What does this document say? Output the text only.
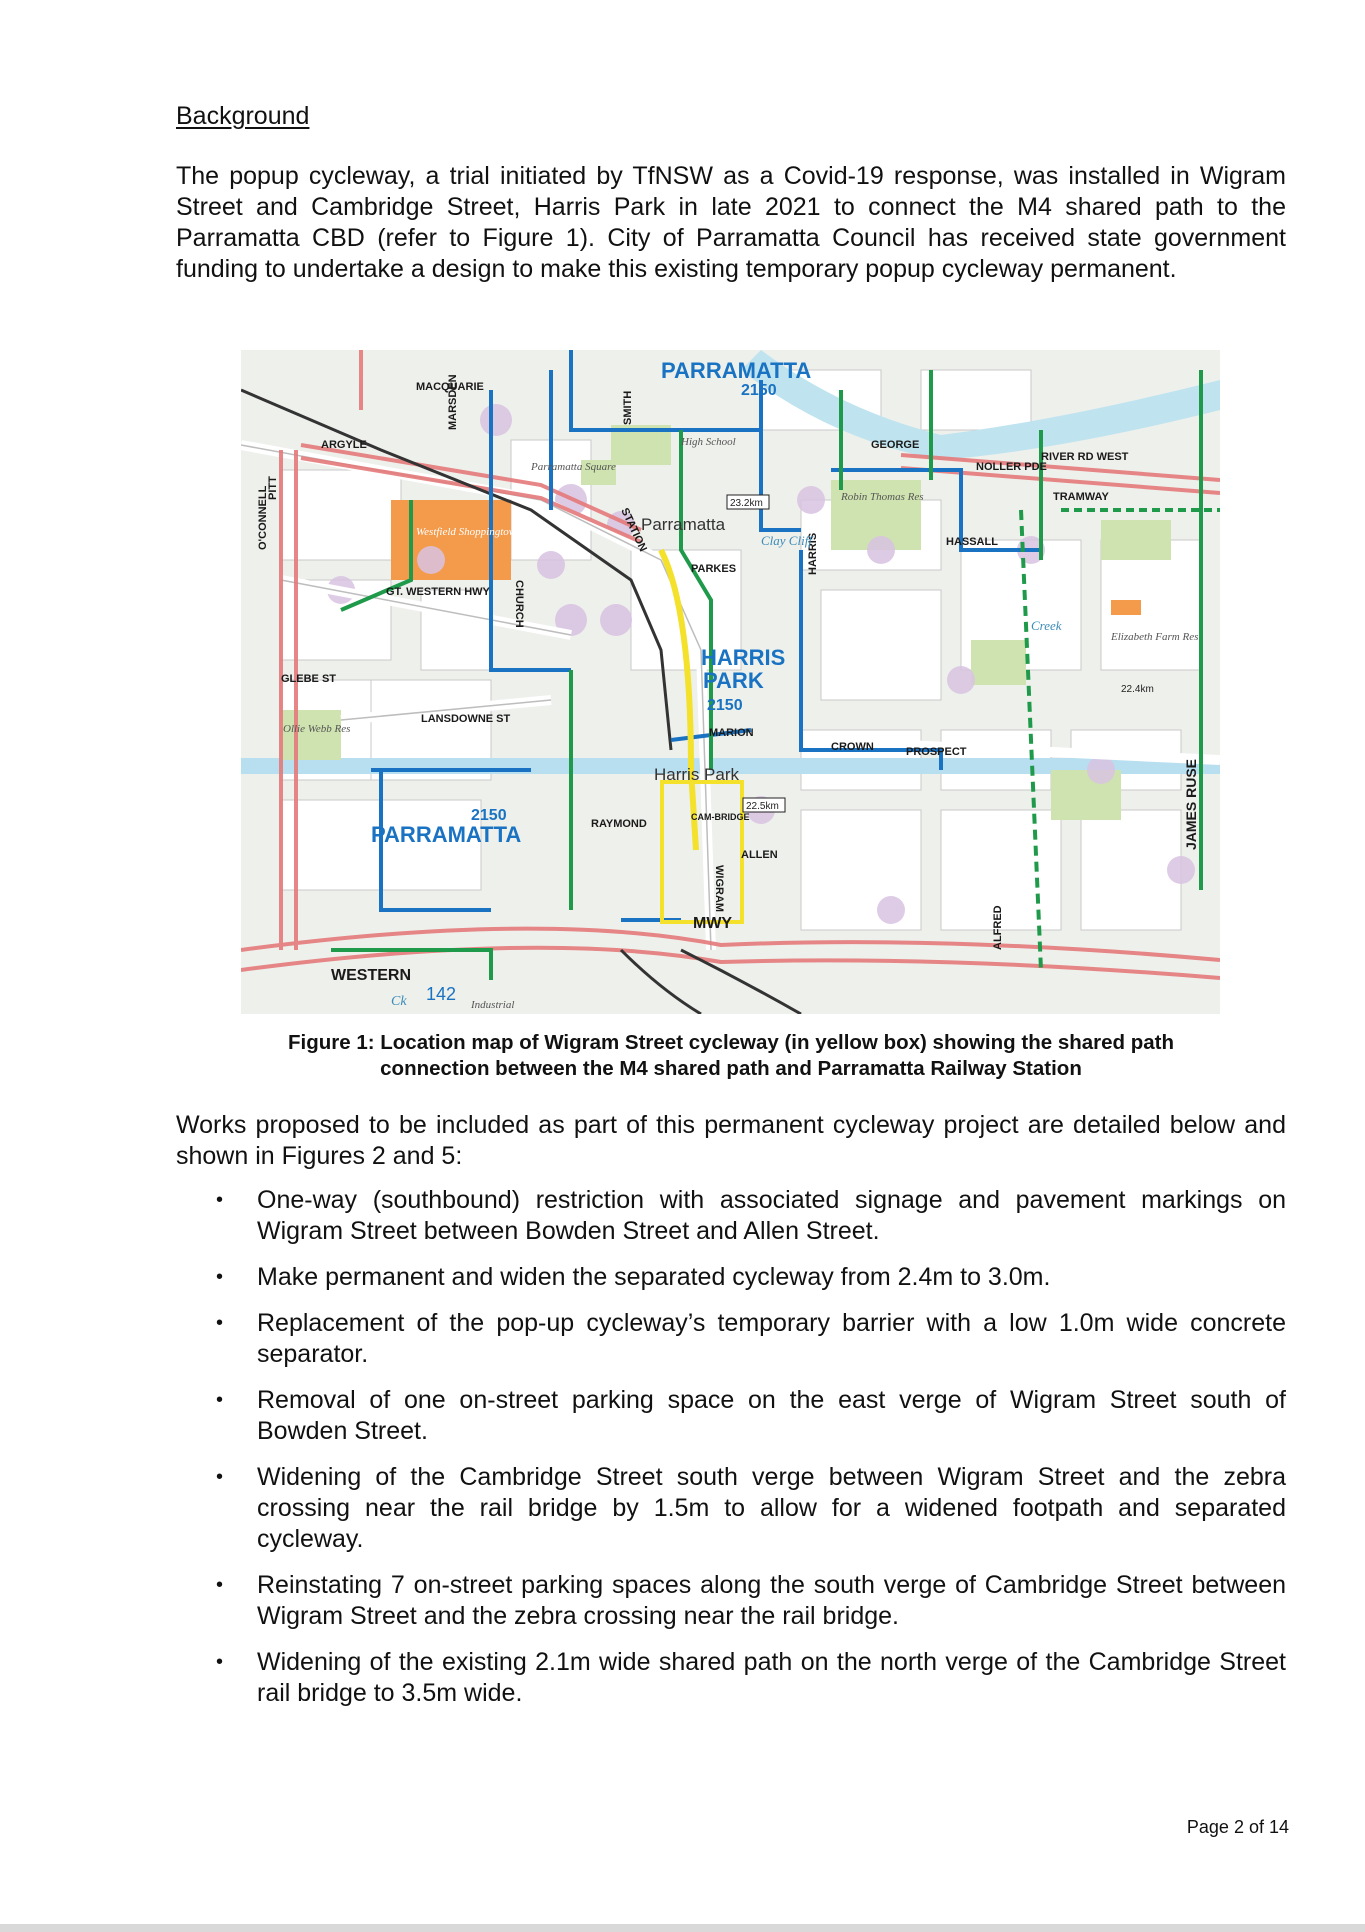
Background

The popup cycleway, a trial initiated by TfNSW as a Covid-19 response, was installed in Wigram Street and Cambridge Street, Harris Park in late 2021 to connect the M4 shared path to the Parramatta CBD (refer to Figure 1). City of Parramatta Council has received state government funding to undertake a design to make this existing temporary popup cycleway permanent.

PARRAMATTA
2150
HARRIS
PARK
2150
PARRAMATTA
2150
MACQUARIE
ARGYLE	GEORGE
NOLLER PDE
RIVER RD WEST
TRAMWAY
HASSALL
PARKES
GT. WESTERN HWY
LANSDOWNE ST
GLEBE ST
CHURCH
O'CONNELL
PITT
MARSDEN	SMITH
STATION
HARRIS
CROWN	PROSPECT
MARION
RAYMOND
CAM-BRIDGE
ALLEN
WIGRAM
ALFRED
JAMES RUSE
WESTERN
MWY
23.2km
22.5km
22.4km
Westfield Shoppingtown
Parramatta Square
High School
Robin Thomas Res
Ollie Webb Res
Elizabeth Farm Res
Creek
Clay Cliff
Ck	Industrial
Harris Park
Parramatta
142
Figure 1: Location map of Wigram Street cycleway (in yellow box) showing the shared path
connection between the M4 shared path and Parramatta Railway Station

Works proposed to be included as part of this permanent cycleway project are detailed below and shown in Figures 2 and 5:

• One-way (southbound) restriction with associated signage and pavement markings on Wigram Street between Bowden Street and Allen Street.
• Make permanent and widen the separated cycleway from 2.4m to 3.0m.
• Replacement of the pop-up cycleway’s temporary barrier with a low 1.0m wide concrete separator.
• Removal of one on-street parking space on the east verge of Wigram Street south of Bowden Street.
• Widening of the Cambridge Street south verge between Wigram Street and the zebra crossing near the rail bridge by 1.5m to allow for a widened footpath and separated cycleway.
• Reinstating 7 on-street parking spaces along the south verge of Cambridge Street between Wigram Street and the zebra crossing near the rail bridge.
• Widening of the existing 2.1m wide shared path on the north verge of the Cambridge Street rail bridge to 3.5m wide.
Page 2 of 14
